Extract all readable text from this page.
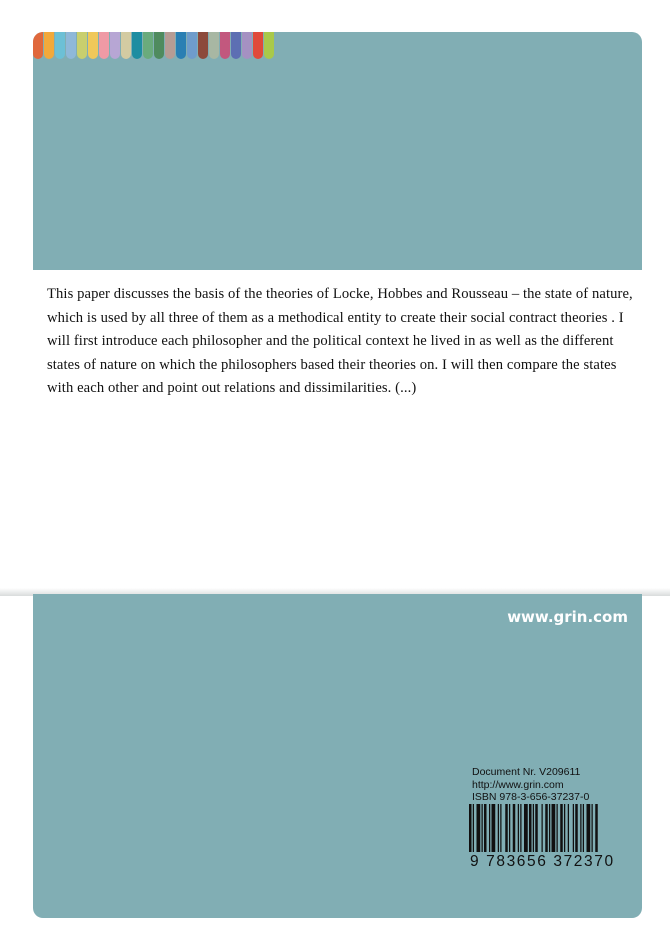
This paper discusses the basis of the theories of Locke, Hobbes and Rousseau – the state of nature, which is used by all three of them as a methodical entity to create their social contract theories . I will first introduce each philosopher and the political context he lived in as well as the different states of nature on which the philosophers based their theories on. I will then compare the states with each other and point out relations and dissimilarities. (...)

www.grin.com
Document Nr. V209611
http://www.grin.com
ISBN 978-3-656-37237-0
9 783656 372370
